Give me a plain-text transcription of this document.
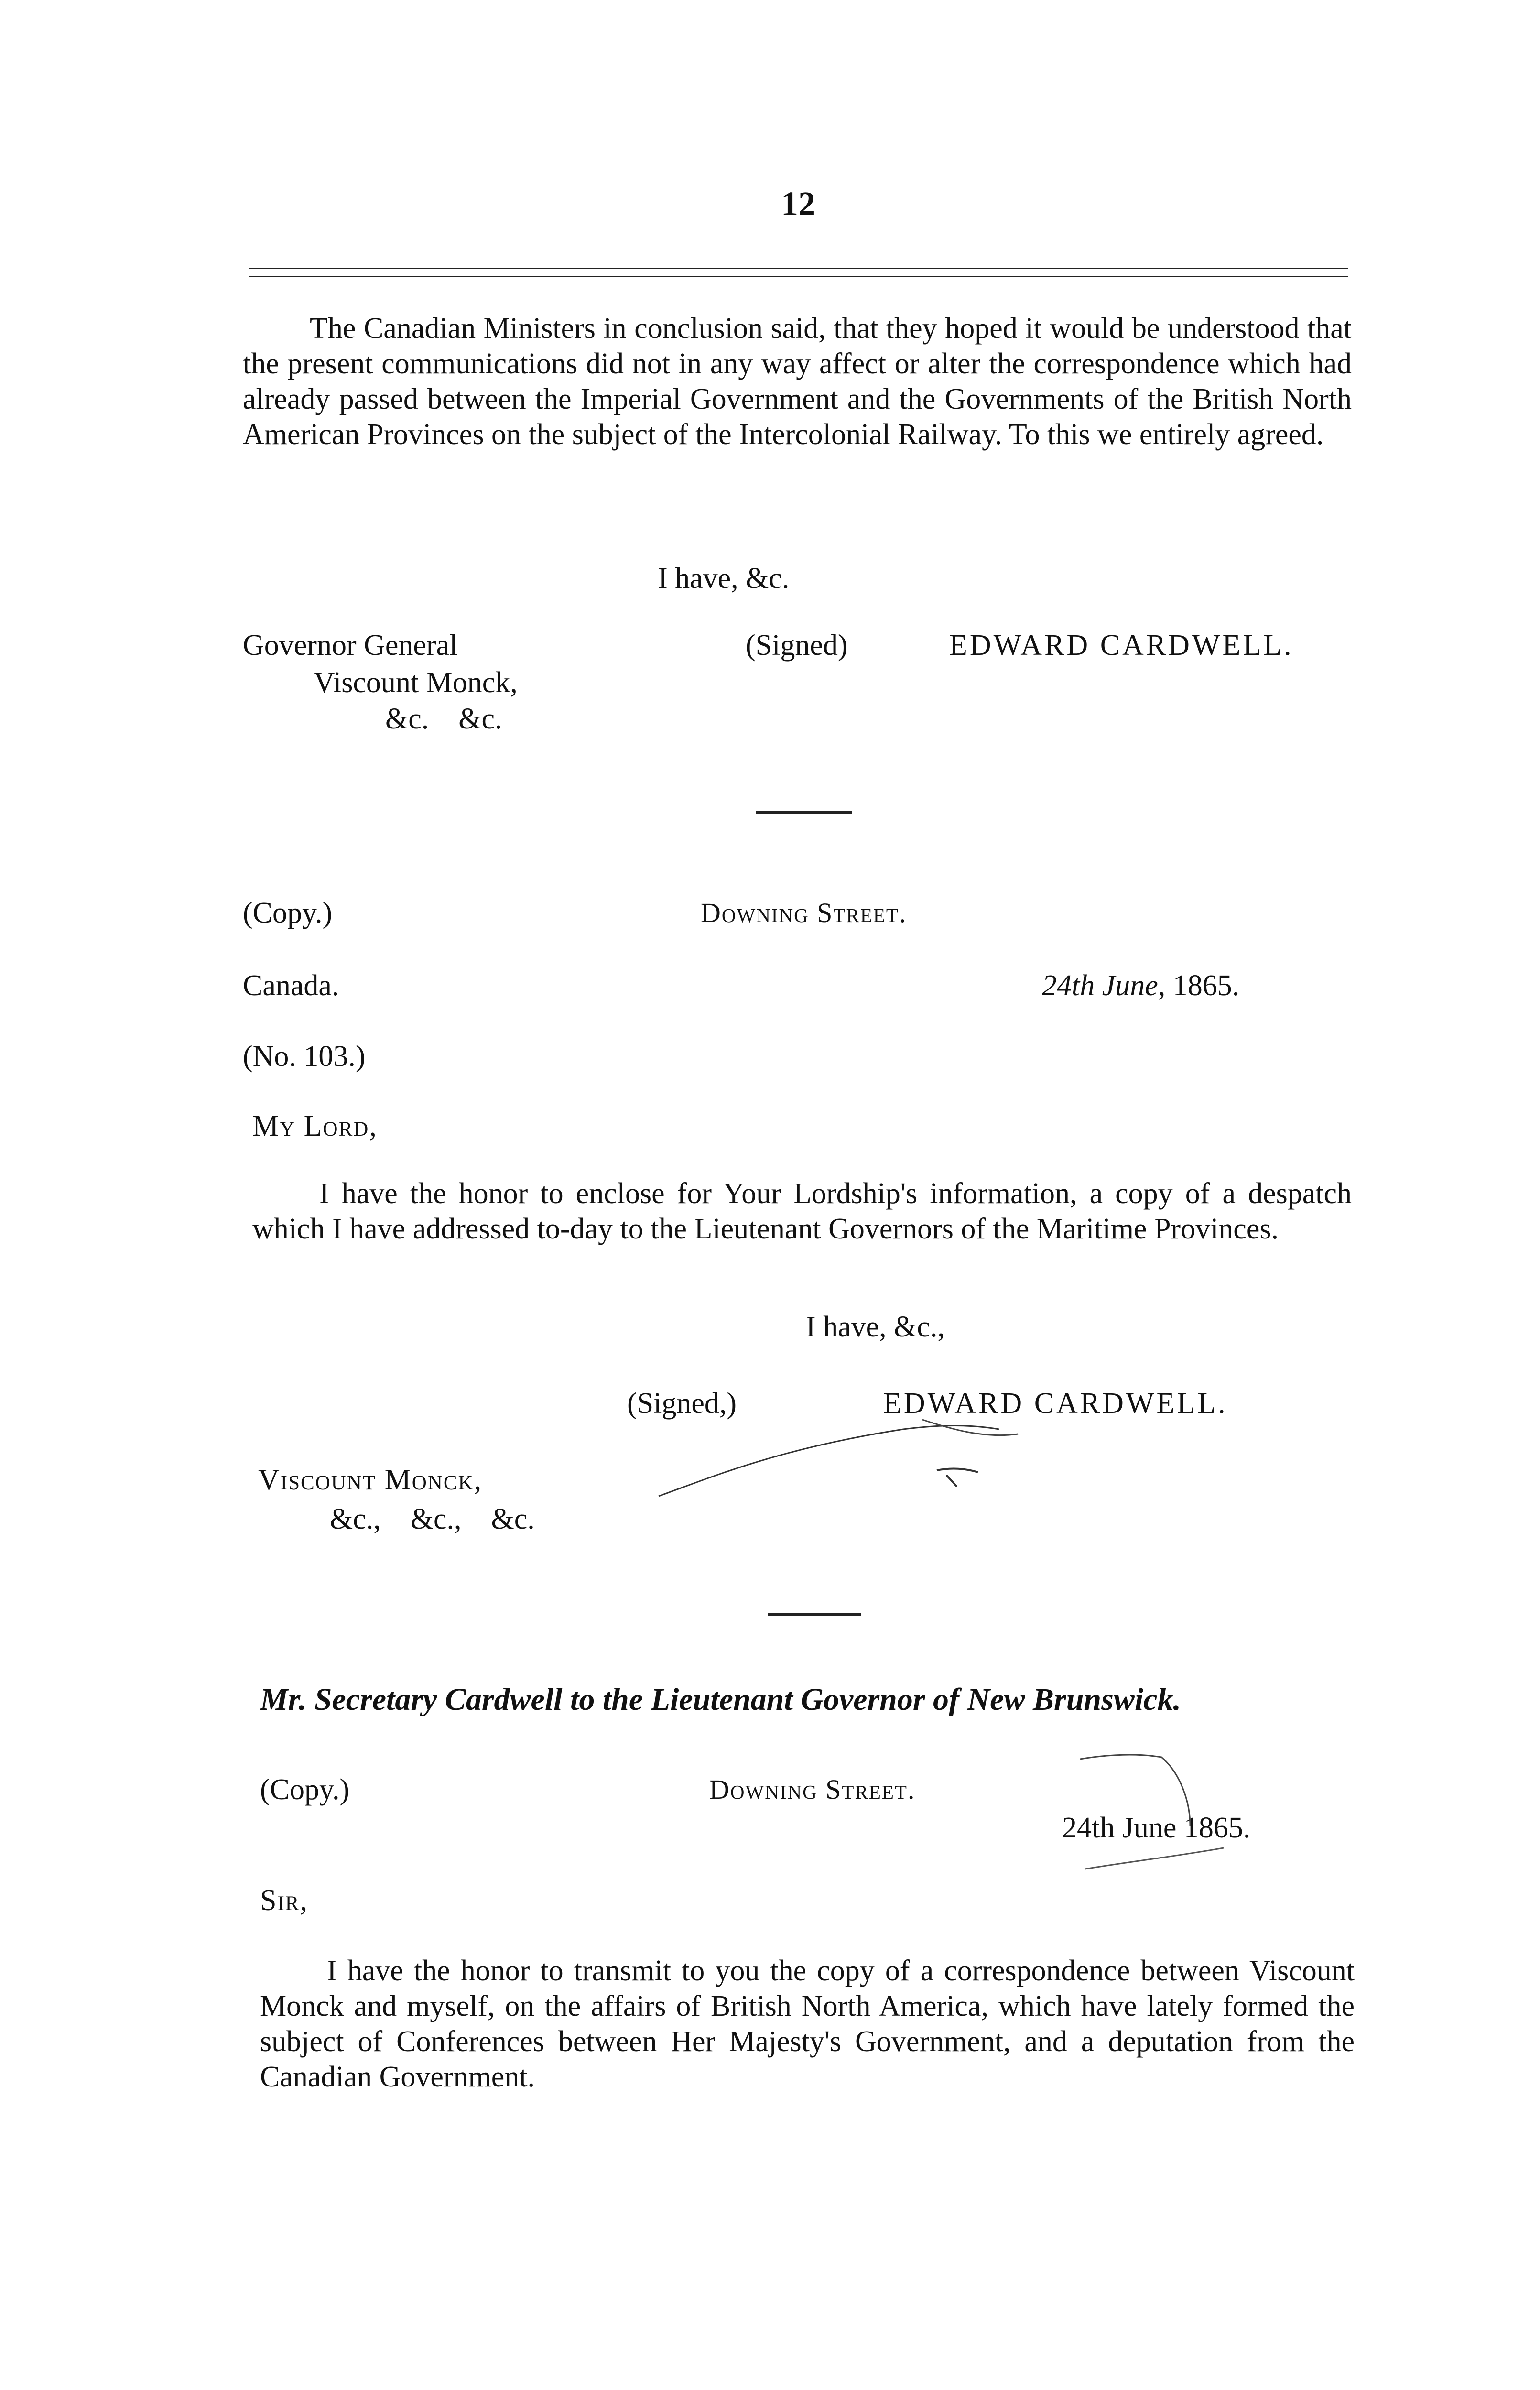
12
The Canadian Ministers in conclusion said, that they hoped it would be understood that the present communications did not in any way affect or alter the correspondence which had already passed between the Imperial Government and the Governments of the British North American Provinces on the subject of the Intercolonial Railway. To this we entirely agreed.
I have, &c.
Governor General
Viscount Monck,
&c.    &c.
(Signed)	EDWARD CARDWELL.
(Copy.)	Downing Street.
Canada.	24th June, 1865.
(No. 103.)
My Lord,
I have the honor to enclose for Your Lordship's information, a copy of a despatch which I have addressed to-day to the Lieutenant Governors of the Maritime Provinces.
I have, &c.,
(Signed,)	EDWARD CARDWELL.
Viscount Monck,
&c.,    &c.,    &c.
Mr. Secretary Cardwell to the Lieutenant Governor of New Brunswick.
(Copy.)	Downing Street.
24th June 1865.
Sir,
I have the honor to transmit to you the copy of a correspondence between Viscount Monck and myself, on the affairs of British North America, which have lately formed the subject of Conferences between Her Majesty's Government, and a deputation from the Canadian Government.
